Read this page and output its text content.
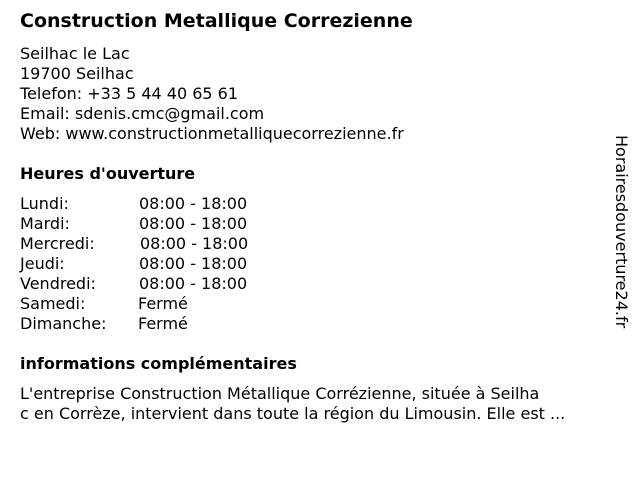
Construction Metallique Correzienne
Seilhac le Lac
19700 Seilhac
Telefon: +33 5 44 40 65 61
Email: sdenis.cmc@gmail.com
Web: www.constructionmetalliquecorrezienne.fr
Heures d'ouverture
Lundi:	08:00 - 18:00
Mardi:	08:00 - 18:00
Mercredi:	08:00 - 18:00
Jeudi:	08:00 - 18:00
Vendredi:	08:00 - 18:00
Samedi:	Fermé
Dimanche: Fermé
informations complémentaires
L'entreprise Construction Métallique Corrézienne, située à Seilha
c en Corrèze, intervient dans toute la région du Limousin. Elle est ...
Horairesdouverture24.fr
